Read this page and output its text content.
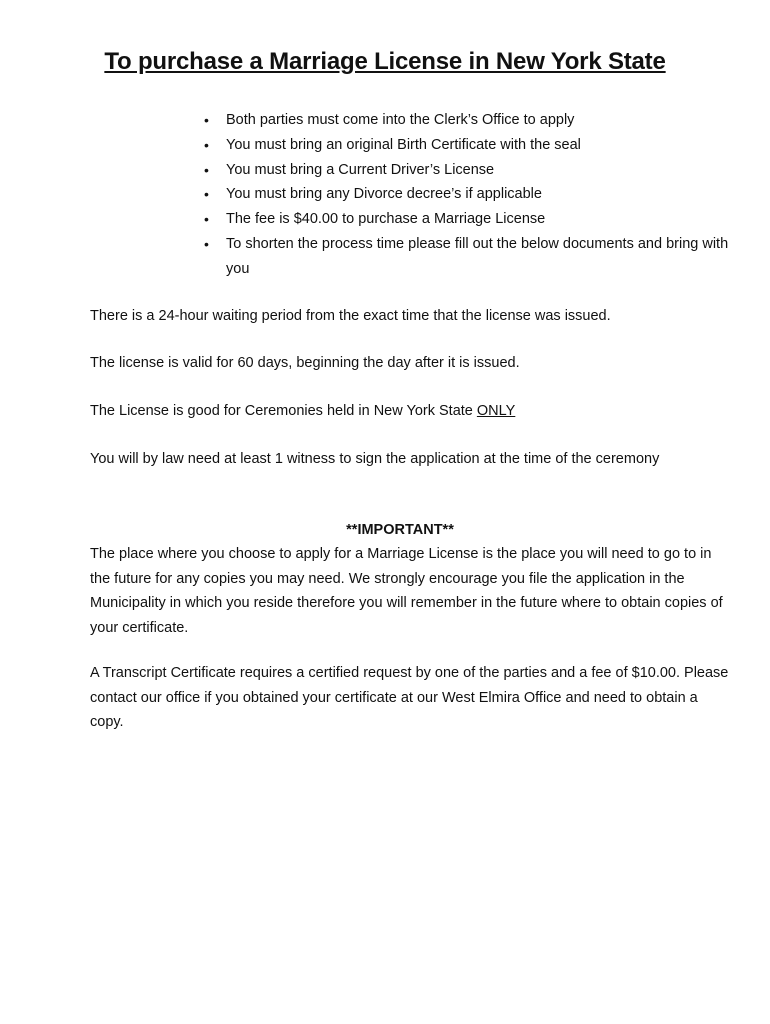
To purchase a Marriage License in New York State
• Both parties must come into the Clerk’s Office to apply
• You must bring an original Birth Certificate with the seal
• You must bring a Current Driver’s License
• You must bring any Divorce decree’s if applicable
• The fee is $40.00 to purchase a Marriage License
• To shorten the process time please fill out the below documents and bring with you

There is a 24-hour waiting period from the exact time that the license was issued.

The license is valid for 60 days, beginning the day after it is issued.

The License is good for Ceremonies held in New York State ONLY

You will by law need at least 1 witness to sign the application at the time of the ceremony

**IMPORTANT**

The place where you choose to apply for a Marriage License is the place you will need to go to in the future for any copies you may need. We strongly encourage you file the application in the Municipality in which you reside therefore you will remember in the future where to obtain copies of your certificate.

A Transcript Certificate requires a certified request by one of the parties and a fee of $10.00. Please contact our office if you obtained your certificate at our West Elmira Office and need to obtain a copy.
